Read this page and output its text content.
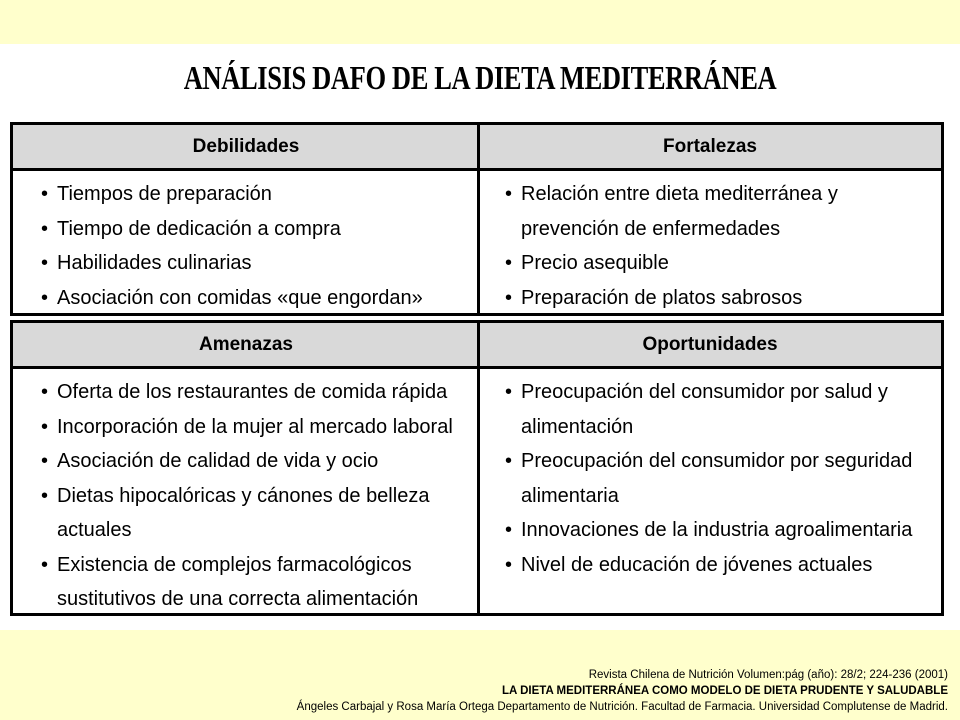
ANÁLISIS DAFO DE LA DIETA MEDITERRÁNEA
Debilidades	Fortalezas
• Tiempos de preparación
• Tiempo de dedicación a compra
• Habilidades culinarias
• Asociación con comidas «que engordan»
• Relación entre dieta mediterránea y
prevención de enfermedades
• Precio asequible
• Preparación de platos sabrosos
Amenazas	Oportunidades
• Oferta de los restaurantes de comida rápida
• Incorporación de la mujer al mercado laboral
• Asociación de calidad de vida y ocio
• Dietas hipocalóricas y cánones de belleza
actuales
• Existencia de complejos farmacológicos
sustitutivos de una correcta alimentación
• Preocupación del consumidor por salud y
alimentación
• Preocupación del consumidor por seguridad
alimentaria
• Innovaciones de la industria agroalimentaria
• Nivel de educación de jóvenes actuales
Revista Chilena de Nutrición Volumen:pág (año): 28/2; 224-236 (2001)
LA DIETA MEDITERRÁNEA COMO MODELO DE DIETA PRUDENTE Y SALUDABLE
Ángeles Carbajal y Rosa María Ortega Departamento de Nutrición. Facultad de Farmacia. Universidad Complutense de Madrid.
